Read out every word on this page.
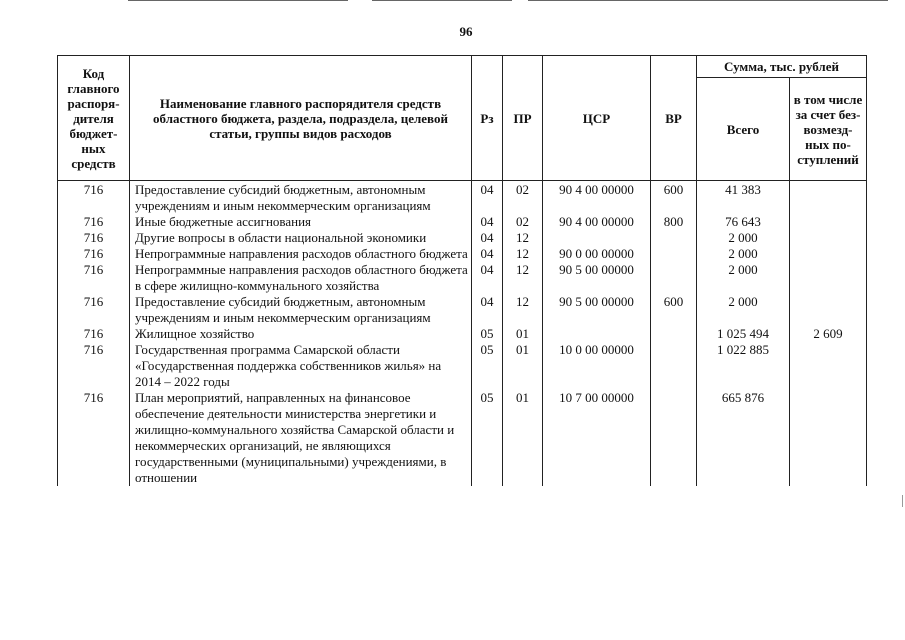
96
Код главного распоря-дителя бюджет-ных средств	Наименование главного распорядителя средств областного бюджета, раздела, подраздела, целевой статьи, группы видов расходов	Рз	ПР	ЦСР	ВР	Сумма, тыс. рублей	
						Всего	в том числе за счет без-возмезд-ных по-ступлений
716	Предоставление субсидий бюджетным, автономным учреждениям и иным некоммерческим организациям	04	02	90 4 00 00000	600	41 383	
716	Иные бюджетные ассигнования	04	02	90 4 00 00000	800	76 643	
716	Другие вопросы в области национальной экономики	04	12			2 000	
716	Непрограммные направления расходов областного бюджета	04	12	90 0 00 00000		2 000	
716	Непрограммные направления расходов областного бюджета в сфере жилищно-коммунального хозяйства	04	12	90 5 00 00000		2 000	
716	Предоставление субсидий бюджетным, автономным учреждениям и иным некоммерческим организациям	04	12	90 5 00 00000	600	2 000	
716	Жилищное хозяйство	05	01			1 025 494	2 609
716	Государственная программа Самарской области «Государственная поддержка собственников жилья» на 2014 – 2022 годы	05	01	10 0 00 00000		1 022 885	
716	План мероприятий, направленных на финансовое обеспечение деятельности министерства энергетики и жилищно-коммунального хозяйства Самарской области и некоммерческих организаций, не являющихся государственными (муниципальными) учреждениями, в отношении	05	01	10 7 00 00000		665 876	
